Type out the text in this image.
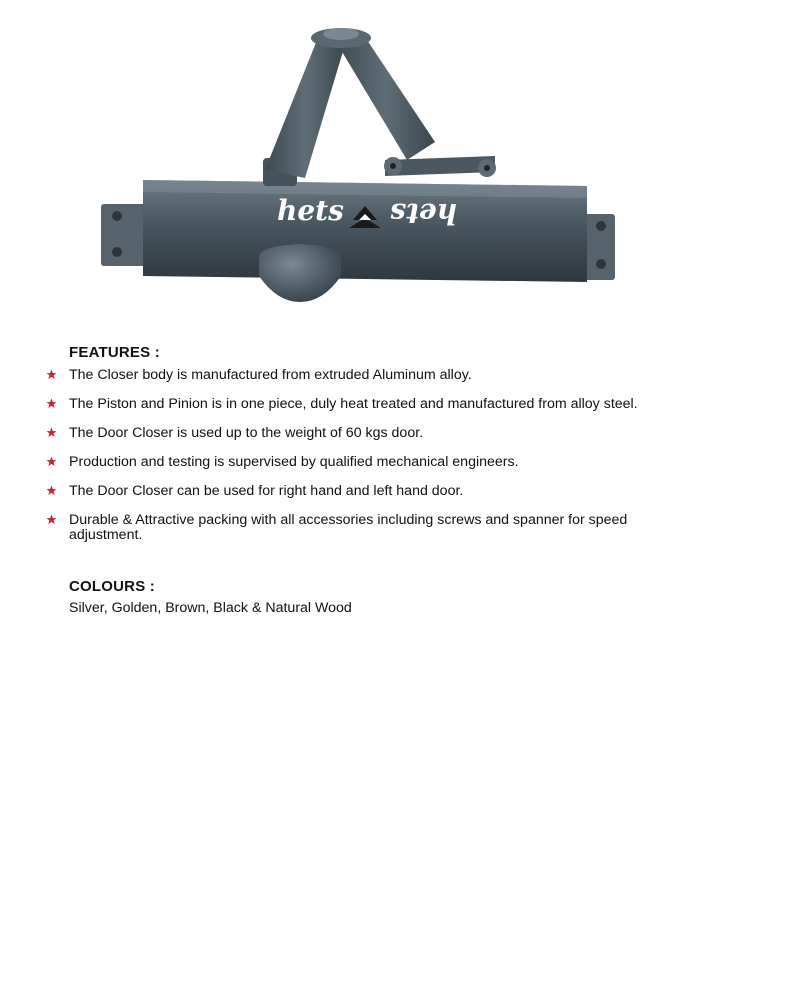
hets hets
FEATURES :
The Closer body is manufactured from extruded Aluminum alloy.
The Piston and Pinion is in one piece, duly heat treated and manufactured from alloy steel.
The Door Closer is used up to the weight of 60 kgs door.
Production and testing is supervised by qualified mechanical engineers.
The Door Closer can be used for right hand and left hand door.
Durable & Attractive packing with all accessories including screws and spanner for speed adjustment.
COLOURS :

Silver, Golden, Brown, Black & Natural Wood
